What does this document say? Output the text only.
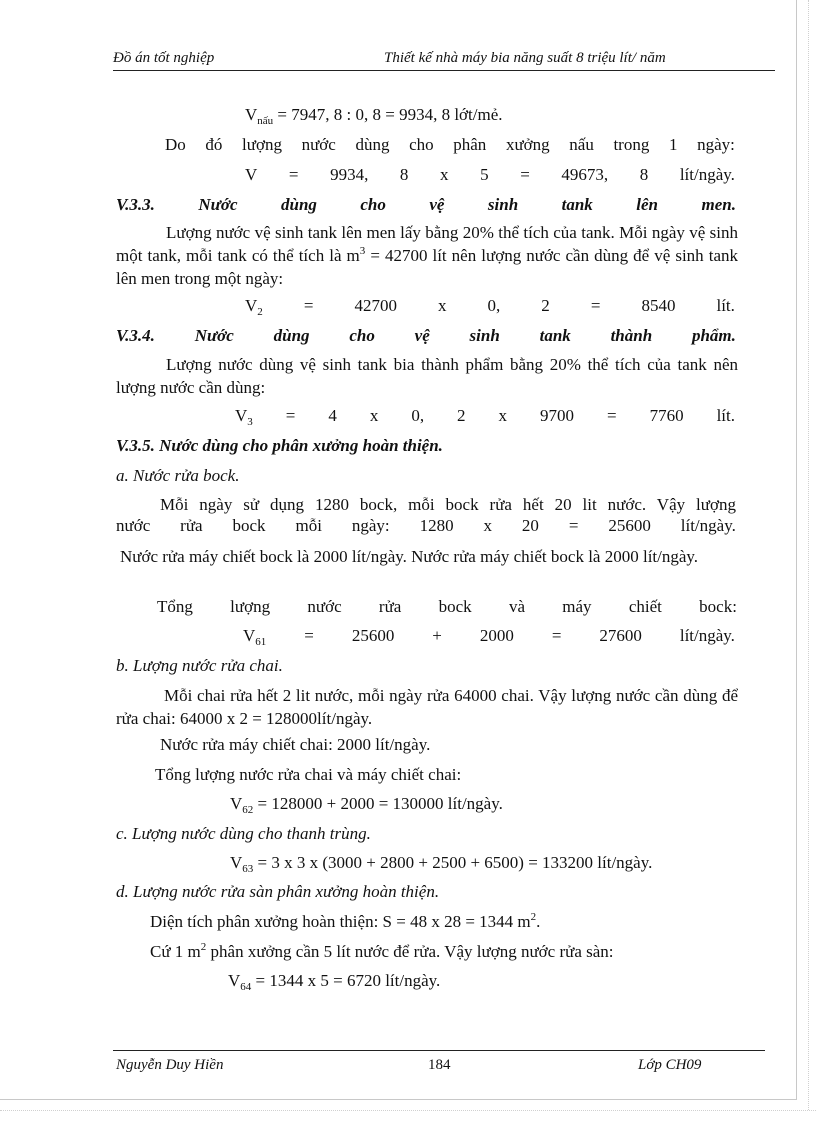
Đồ án tốt nghiệp	Thiết kế nhà máy bia năng suất 8 triệu lít/ năm
$V_{nấu} = 7947$, 8 : 0, 8 = 9934, 8 lớt/mẻ.
Do đó lượng nước dùng cho phân xưởng nấu trong 1 ngày:
V = 9934, 8 x 5 = 49673, 8 lít/ngày.
V.3.3.	Nước	dùng	cho	vệ	sinh	tank	lên	men.
Lượng nước vệ sinh tank lên men lấy bằng 20% thể tích của tank. Mỗi ngày vệ sinh một tank, mỗi tank có thể tích là $m^3 = 42700$ lít nên lượng nước cần dùng để vệ sinh tank lên men trong một ngày:
$V_2 = 42700$ x 0, 2 = 8540 lít.
V.3.4. Nước dùng cho vệ sinh tank thành phẩm.
Lượng nước dùng vệ sinh tank bia thành phẩm bằng 20% thể tích của tank nên lượng nước cần dùng:
$V_3 = 4$ x 0, 2 x 9700 = 7760 lít.
V.3.5. Nước dùng cho phân xưởng hoàn thiện.
a. Nước rửa bock.
Mỗi ngày sử dụng 1280 bock, mỗi bock rửa hết 20 lit nước. Vậy lượng
nước rửa bock mỗi ngày: 1280 x 20 = 25600 lít/ngày.
Nước rửa máy chiết bock là 2000 lít/ngày. Nước rửa máy chiết bock là 2000 lít/ngày.
Tổng lượng nước rửa bock và máy chiết bock:
$V_{61} = 25600 + 2000 = 27600$ lít/ngày.
b. Lượng nước rửa chai.
Mỗi chai rửa hết 2 lit nước, mỗi ngày rửa 64000 chai. Vậy lượng nước cần dùng để rửa chai: 64000 x 2 = 128000lít/ngày.
Nước rửa máy chiết chai: 2000 lít/ngày.
Tổng lượng nước rửa chai và máy chiết chai:
$V_{62} = 128000 + 2000 = 130000$ lít/ngày.
c. Lượng nước dùng cho thanh trùng.
$V_{63} = 3$ x 3 x (3000 + 2800 + 2500 + 6500) = 133200 lít/ngày.
d. Lượng nước rửa sàn phân xưởng hoàn thiện.
Diện tích phân xưởng hoàn thiện: S = 48 x 28 = 1344 $m^2$.
Cứ 1 $m^2$ phân xưởng cần 5 lít nước để rửa. Vậy lượng nước rửa sàn:
$V_{64} = 1344$ x 5 = 6720 lít/ngày.
Nguyễn Duy Hiền	184	Lớp CH09
